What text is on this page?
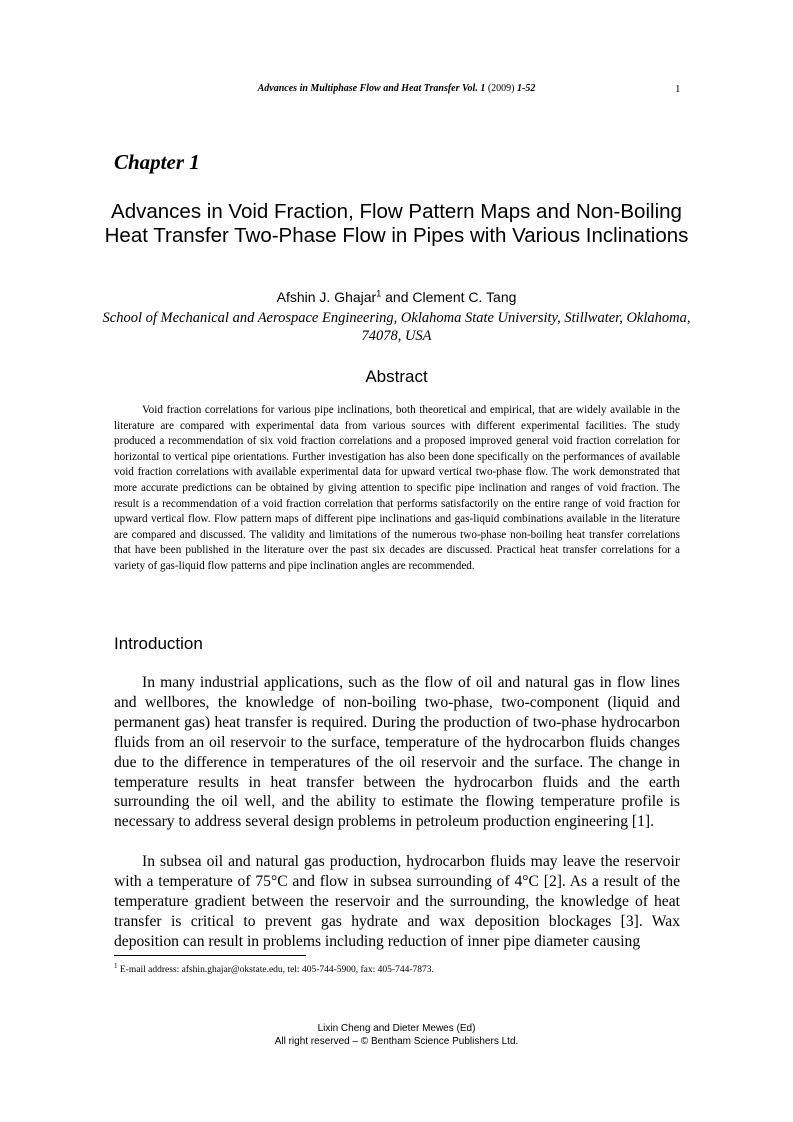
Advances in Multiphase Flow and Heat Transfer Vol. 1 (2009) 1-52	1
Chapter 1
Advances in Void Fraction, Flow Pattern Maps and Non-Boiling Heat Transfer Two-Phase Flow in Pipes with Various Inclinations
Afshin J. Ghajar$^1$ and Clement C. Tang
School of Mechanical and Aerospace Engineering, Oklahoma State University, Stillwater, Oklahoma, 74078, USA
Abstract

Void fraction correlations for various pipe inclinations, both theoretical and empirical, that are widely available in the literature are compared with experimental data from various sources with different experimental facilities. The study produced a recommendation of six void fraction correlations and a proposed improved general void fraction correlation for horizontal to vertical pipe orientations. Further investigation has also been done specifically on the performances of available void fraction correlations with available experimental data for upward vertical two-phase flow. The work demonstrated that more accurate predictions can be obtained by giving attention to specific pipe inclination and ranges of void fraction. The result is a recommendation of a void fraction correlation that performs satisfactorily on the entire range of void fraction for upward vertical flow. Flow pattern maps of different pipe inclinations and gas-liquid combinations available in the literature are compared and discussed. The validity and limitations of the numerous two-phase non-boiling heat transfer correlations that have been published in the literature over the past six decades are discussed. Practical heat transfer correlations for a variety of gas-liquid flow patterns and pipe inclination angles are recommended.

Introduction

In many industrial applications, such as the flow of oil and natural gas in flow lines and wellbores, the knowledge of non-boiling two-phase, two-component (liquid and permanent gas) heat transfer is required. During the production of two-phase hydrocarbon fluids from an oil reservoir to the surface, temperature of the hydrocarbon fluids changes due to the difference in temperatures of the oil reservoir and the surface. The change in temperature results in heat transfer between the hydrocarbon fluids and the earth surrounding the oil well, and the ability to estimate the flowing temperature profile is necessary to address several design problems in petroleum production engineering [1].

In subsea oil and natural gas production, hydrocarbon fluids may leave the reservoir with a temperature of 75°C and flow in subsea surrounding of 4°C [2]. As a result of the temperature gradient between the reservoir and the surrounding, the knowledge of heat transfer is critical to prevent gas hydrate and wax deposition blockages [3]. Wax deposition can result in problems including reduction of inner pipe diameter causing

$^1$ E-mail address: afshin.ghajar@okstate.edu, tel: 405-744-5900, fax: 405-744-7873.
Lixin Cheng and Dieter Mewes (Ed)
All right reserved – © Bentham Science Publishers Ltd.
